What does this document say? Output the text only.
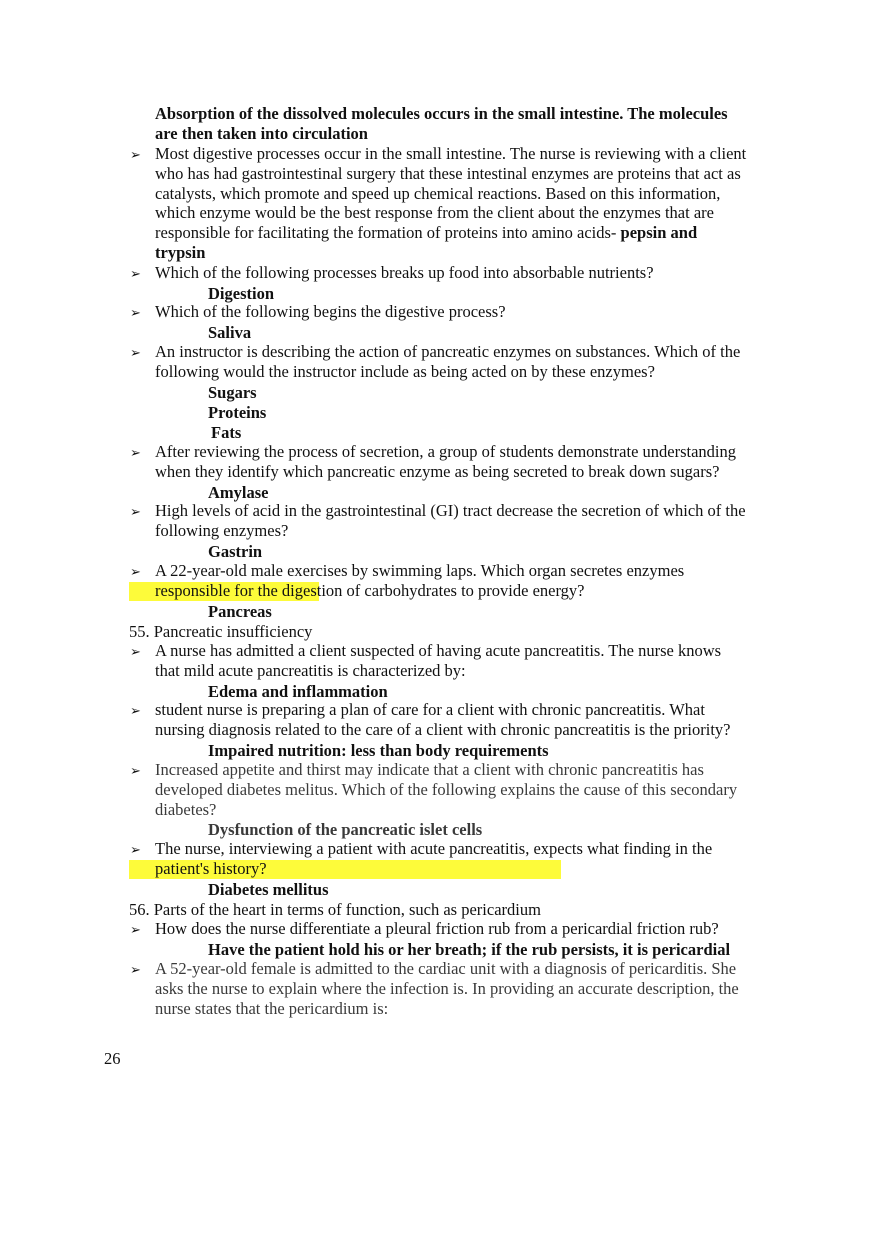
Absorption of the dissolved molecules occurs in the small intestine. The molecules
are then taken into circulation
➢ Most digestive processes occur in the small intestine. The nurse is reviewing with a client
who has had gastrointestinal surgery that these intestinal enzymes are proteins that act as
catalysts, which promote and speed up chemical reactions. Based on this information,
which enzyme would be the best response from the client about the enzymes that are
responsible for facilitating the formation of proteins into amino acids- pepsin and
trypsin
➢ Which of the following processes breaks up food into absorbable nutrients?
Digestion
➢ Which of the following begins the digestive process?
Saliva
➢ An instructor is describing the action of pancreatic enzymes on substances. Which of the
following would the instructor include as being acted on by these enzymes?
Sugars
Proteins
Fats
➢ After reviewing the process of secretion, a group of students demonstrate understanding
when they identify which pancreatic enzyme as being secreted to break down sugars?
Amylase
➢ High levels of acid in the gastrointestinal (GI) tract decrease the secretion of which of the
following enzymes?
Gastrin
➢ A 22-year-old male exercises by swimming laps. Which organ secretes enzymes
responsible for the digestion of carbohydrates to provide energy?
Pancreas
55. Pancreatic insufficiency
➢ A nurse has admitted a client suspected of having acute pancreatitis. The nurse knows
that mild acute pancreatitis is characterized by:
Edema and inflammation
➢ student nurse is preparing a plan of care for a client with chronic pancreatitis. What
nursing diagnosis related to the care of a client with chronic pancreatitis is the priority?
Impaired nutrition: less than body requirements
➢ Increased appetite and thirst may indicate that a client with chronic pancreatitis has
developed diabetes melitus. Which of the following explains the cause of this secondary
diabetes?
Dysfunction of the pancreatic islet cells
➢ The nurse, interviewing a patient with acute pancreatitis, expects what finding in the
patient's history?
Diabetes mellitus
56. Parts of the heart in terms of function, such as pericardium
➢ How does the nurse differentiate a pleural friction rub from a pericardial friction rub?
Have the patient hold his or her breath; if the rub persists, it is pericardial
➢ A 52-year-old female is admitted to the cardiac unit with a diagnosis of pericarditis. She
asks the nurse to explain where the infection is. In providing an accurate description, the
nurse states that the pericardium is:
26
